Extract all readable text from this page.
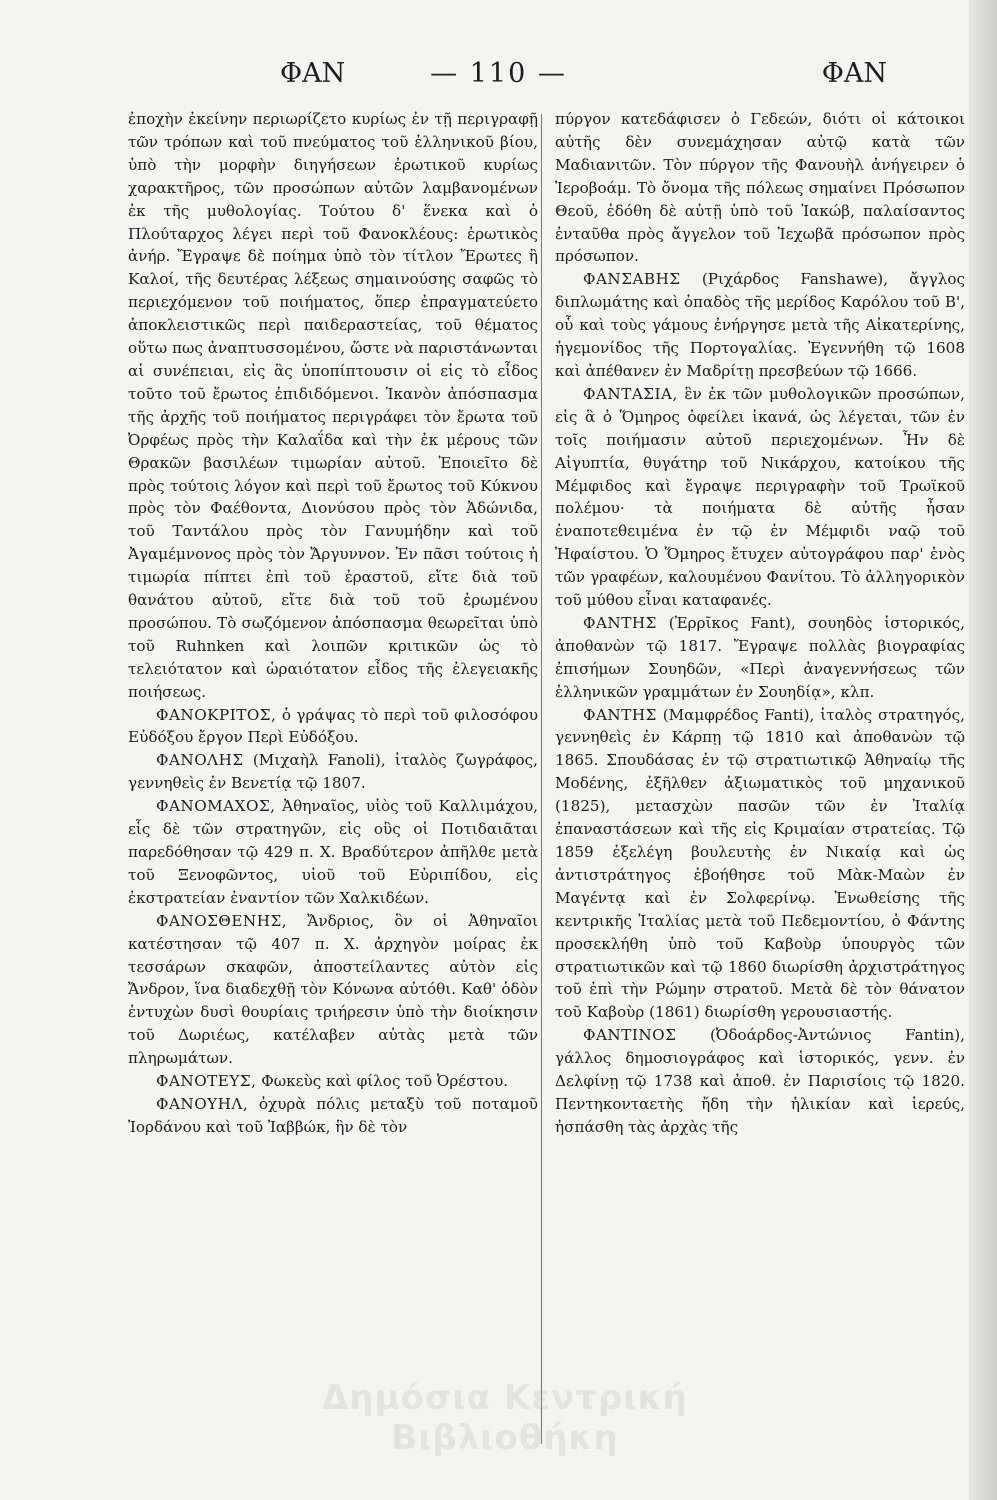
ΦΑΝ	— 110 —	ΦΑΝ

ἐποχὴν ἐκείνην περιωρίζετο κυρίως ἐν τῇ περιγραφῇ τῶν τρόπων καὶ τοῦ πνεύματος τοῦ ἑλληνικοῦ βίου, ὑπὸ τὴν μορφὴν διηγήσεων ἐρωτικοῦ κυρίως χαρακτῆρος, τῶν προσώπων αὐτῶν λαμβανομένων ἐκ τῆς μυθολογίας. Τούτου δ' ἕνεκα καὶ ὁ Πλούταρχος λέγει περὶ τοῦ Φανοκλέους: ἐρωτικὸς ἀνήρ. Ἔγραψε δὲ ποίημα ὑπὸ τὸν τίτλον Ἔρωτες ἢ Καλοί, τῆς δευτέρας λέξεως σημαινούσης σαφῶς τὸ περιεχόμενον τοῦ ποιήματος, ὅπερ ἐπραγματεύετο ἀποκλειστικῶς περὶ παιδεραστείας, τοῦ θέματος οὕτω πως ἀναπτυσσομένου, ὥστε νὰ παριστάνωνται αἱ συνέπειαι, εἰς ἃς ὑποπίπτουσιν οἱ εἰς τὸ εἶδος τοῦτο τοῦ ἔρωτος ἐπιδιδόμενοι. Ἱκανὸν ἀπόσπασμα τῆς ἀρχῆς τοῦ ποιήματος περιγράφει τὸν ἔρωτα τοῦ Ὀρφέως πρὸς τὴν Καλαΐδα καὶ τὴν ἐκ μέρους τῶν Θρακῶν βασιλέων τιμωρίαν αὐτοῦ. Ἐποιεῖτο δὲ πρὸς τούτοις λόγον καὶ περὶ τοῦ ἔρωτος τοῦ Κύκνου πρὸς τὸν Φαέθοντα, Διονύσου πρὸς τὸν Ἀδώνιδα, τοῦ Ταντάλου πρὸς τὸν Γανυμήδην καὶ τοῦ Ἀγαμέμνονος πρὸς τὸν Ἄργυννον. Ἐν πᾶσι τούτοις ἡ τιμωρία πίπτει ἐπὶ τοῦ ἐραστοῦ, εἴτε διὰ τοῦ θανάτου αὐτοῦ, εἴτε διὰ τοῦ τοῦ ἐρωμένου προσώπου. Τὸ σωζόμενον ἀπόσπασμα θεωρεῖται ὑπὸ τοῦ Ruhnken καὶ λοιπῶν κριτικῶν ὡς τὸ τελειότατον καὶ ὡραιότατον εἶδος τῆς ἐλεγειακῆς ποιήσεως.

ΦΑΝΟΚΡΙΤΟΣ, ὁ γράψας τὸ περὶ τοῦ φιλοσόφου Εὐδόξου ἔργον Περὶ Εὐδόξου.

ΦΑΝΟΛΗΣ (Μιχαὴλ Fanoli), ἰταλὸς ζωγράφος, γεννηθεὶς ἐν Βενετίᾳ τῷ 1807.

ΦΑΝΟΜΑΧΟΣ, Ἀθηναῖος, υἱὸς τοῦ Καλλιμάχου, εἷς δὲ τῶν στρατηγῶν, εἰς οὓς οἱ Ποτιδαιᾶται παρεδόθησαν τῷ 429 π. Χ. Βραδύτερον ἀπῆλθε μετὰ τοῦ Ξενοφῶντος, υἱοῦ τοῦ Εὐριπίδου, εἰς ἐκστρατείαν ἐναντίον τῶν Χαλκιδέων.

ΦΑΝΟΣΘΕΝΗΣ, Ἄνδριος, ὃν οἱ Ἀθηναῖοι κατέστησαν τῷ 407 π. Χ. ἀρχηγὸν μοίρας ἐκ τεσσάρων σκαφῶν, ἀποστείλαντες αὐτὸν εἰς Ἄνδρον, ἵνα διαδεχθῇ τὸν Κόνωνα αὐτόθι. Καθ' ὁδὸν ἐντυχὼν δυσὶ θουρίαις τριήρεσιν ὑπὸ τὴν διοίκησιν τοῦ Δωριέως, κατέλαβεν αὐτὰς μετὰ τῶν πληρωμάτων.

ΦΑΝΟΤΕΥΣ, Φωκεὺς καὶ φίλος τοῦ Ὀρέστου.

ΦΑΝΟΥΗΛ, ὀχυρὰ πόλις μεταξὺ τοῦ ποταμοῦ Ἰορδάνου καὶ τοῦ Ἰαββώκ, ἣν δὲ τὸν

πύργον κατεδάφισεν ὁ Γεδεών, διότι οἱ κάτοικοι αὐτῆς δὲν συνεμάχησαν αὐτῷ κατὰ τῶν Μαδιανιτῶν. Τὸν πύργον τῆς Φανουὴλ ἀνήγειρεν ὁ Ἱεροβοάμ. Τὸ ὄνομα τῆς πόλεως σημαίνει Πρόσωπον Θεοῦ, ἐδόθη δὲ αὐτῇ ὑπὸ τοῦ Ἰακώβ, παλαίσαντος ἐνταῦθα πρὸς ἄγγελον τοῦ Ἰεχωβᾶ πρόσωπον πρὸς πρόσωπον.

ΦΑΝΣΑΒΗΣ (Ριχάρδος Fanshawe), ἄγγλος διπλωμάτης καὶ ὀπαδὸς τῆς μερίδος Καρόλου τοῦ Β', οὗ καὶ τοὺς γάμους ἐνήργησε μετὰ τῆς Αἰκατερίνης, ἡγεμονίδος τῆς Πορτογαλίας. Ἐγεννήθη τῷ 1608 καὶ ἀπέθανεν ἐν Μαδρίτῃ πρεσβεύων τῷ 1666.

ΦΑΝΤΑΣΙΑ, ἓν ἐκ τῶν μυθολογικῶν προσώπων, εἰς ἃ ὁ Ὅμηρος ὀφείλει ἱκανά, ὡς λέγεται, τῶν ἐν τοῖς ποιήμασιν αὐτοῦ περιεχομένων. Ἦν δὲ Αἰγυπτία, θυγάτηρ τοῦ Νικάρχου, κατοίκου τῆς Μέμφιδος καὶ ἔγραψε περιγραφὴν τοῦ Τρωϊκοῦ πολέμου· τὰ ποιήματα δὲ αὐτῆς ἦσαν ἐναποτεθειμένα ἐν τῷ ἐν Μέμφιδι ναῷ τοῦ Ἡφαίστου. Ὁ Ὅμηρος ἔτυχεν αὐτογράφου παρ' ἑνὸς τῶν γραφέων, καλουμένου Φανίτου. Τὸ ἀλληγορικὸν τοῦ μύθου εἶναι καταφανές.

ΦΑΝΤΗΣ (Ἐρρῖκος Fant), σουηδὸς ἱστορικός, ἀποθανὼν τῷ 1817. Ἔγραψε πολλὰς βιογραφίας ἐπισήμων Σουηδῶν, «Περὶ ἀναγεννήσεως τῶν ἑλληνικῶν γραμμάτων ἐν Σουηδίᾳ», κλπ.

ΦΑΝΤΗΣ (Μαμφρέδος Fanti), ἰταλὸς στρατηγός, γεννηθεὶς ἐν Κάρπῃ τῷ 1810 καὶ ἀποθανὼν τῷ 1865. Σπουδάσας ἐν τῷ στρατιωτικῷ Ἀθηναίῳ τῆς Μοδένης, ἐξῆλθεν ἀξιωματικὸς τοῦ μηχανικοῦ (1825), μετασχὼν πασῶν τῶν ἐν Ἰταλίᾳ ἐπαναστάσεων καὶ τῆς εἰς Κριμαίαν στρατείας. Τῷ 1859 ἐξελέγη βουλευτὴς ἐν Νικαίᾳ καὶ ὡς ἀντιστράτηγος ἐβοήθησε τοῦ Μὰκ-Μαὼν ἐν Μαγέντᾳ καὶ ἐν Σολφερίνῳ. Ἑνωθείσης τῆς κεντρικῆς Ἰταλίας μετὰ τοῦ Πεδεμοντίου, ὁ Φάντης προσεκλήθη ὑπὸ τοῦ Καβοὺρ ὑπουργὸς τῶν στρατιωτικῶν καὶ τῷ 1860 διωρίσθη ἀρχιστράτηγος τοῦ ἐπὶ τὴν Ρώμην στρατοῦ. Μετὰ δὲ τὸν θάνατον τοῦ Καβοὺρ (1861) διωρίσθη γερουσιαστής.

ΦΑΝΤΙΝΟΣ (Ὀδοάρδος-Ἀντώνιος Fantin), γάλλος δημοσιογράφος καὶ ἱστορικός, γενν. ἐν Δελφίνῃ τῷ 1738 καὶ ἀποθ. ἐν Παρισίοις τῷ 1820. Πεντηκονταετὴς ἤδη τὴν ἡλικίαν καὶ ἱερεύς, ἠσπάσθη τὰς ἀρχὰς τῆς

Δημόσια Κεντρική Βιβλιοθήκη
